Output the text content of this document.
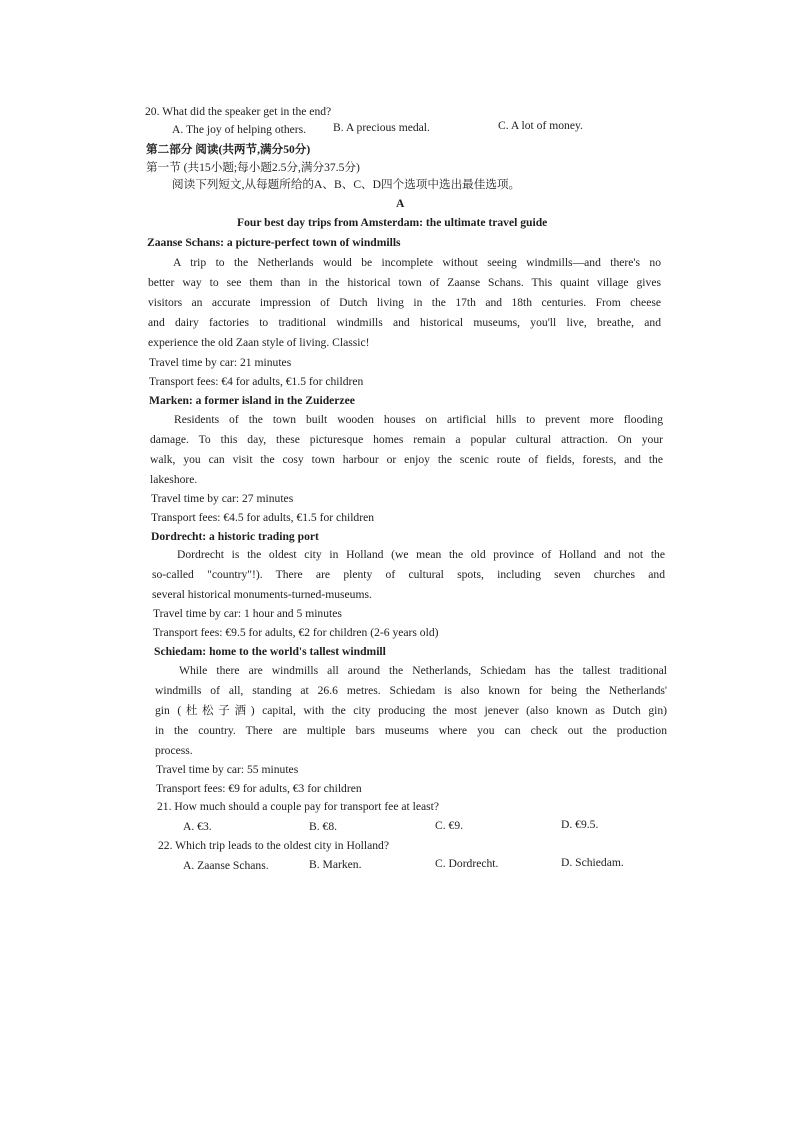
20. What did the speaker get in the end?
A. The joy of helping others. B. A precious medal.	C. A lot of money.
第二部分 阅读(共两节,满分50分)
第一节 (共15小题;每小题2.5分,满分37.5分)
阅读下列短文,从每题所给的A、B、C、D四个选项中选出最佳选项。
A
Four best day trips from Amsterdam: the ultimate travel guide
Zaanse Schans: a picture-perfect town of windmills
A trip to the Netherlands would be incomplete without seeing windmills—and there's no
better way to see them than in the historical town of Zaanse Schans. This quaint village gives
visitors an accurate impression of Dutch living in the 17th and 18th centuries. From cheese
and dairy factories to traditional windmills and historical museums, you'll live, breathe, and
experience the old Zaan style of living. Classic!
Travel time by car: 21 minutes
Transport fees: €4 for adults, €1.5 for children
Marken: a former island in the Zuiderzee
Residents of the town built wooden houses on artificial hills to prevent more flooding
damage. To this day, these picturesque homes remain a popular cultural attraction. On your
walk, you can visit the cosy town harbour or enjoy the scenic route of fields, forests, and the
lakeshore.
Travel time by car: 27 minutes
Transport fees: €4.5 for adults, €1.5 for children
Dordrecht: a historic trading port
Dordrecht is the oldest city in Holland (we mean the old province of Holland and not the
so-called "country"!). There are plenty of cultural spots, including seven churches and
several historical monuments-turned-museums.
Travel time by car: 1 hour and 5 minutes
Transport fees: €9.5 for adults, €2 for children (2-6 years old)
Schiedam: home to the world's tallest windmill
While there are windmills all around the Netherlands, Schiedam has the tallest traditional
windmills of all, standing at 26.6 metres. Schiedam is also known for being the Netherlands'
gin (杜松子酒) capital, with the city producing the most jenever (also known as Dutch gin)
in the country. There are multiple bars museums where you can check out the production
process.
Travel time by car: 55 minutes
Transport fees: €9 for adults, €3 for children
21. How much should a couple pay for transport fee at least?
A. €3.	B. €8.	C. €9.	D. €9.5.
22. Which trip leads to the oldest city in Holland?
A. Zaanse Schans.	B. Marken.	C. Dordrecht.	D. Schiedam.
